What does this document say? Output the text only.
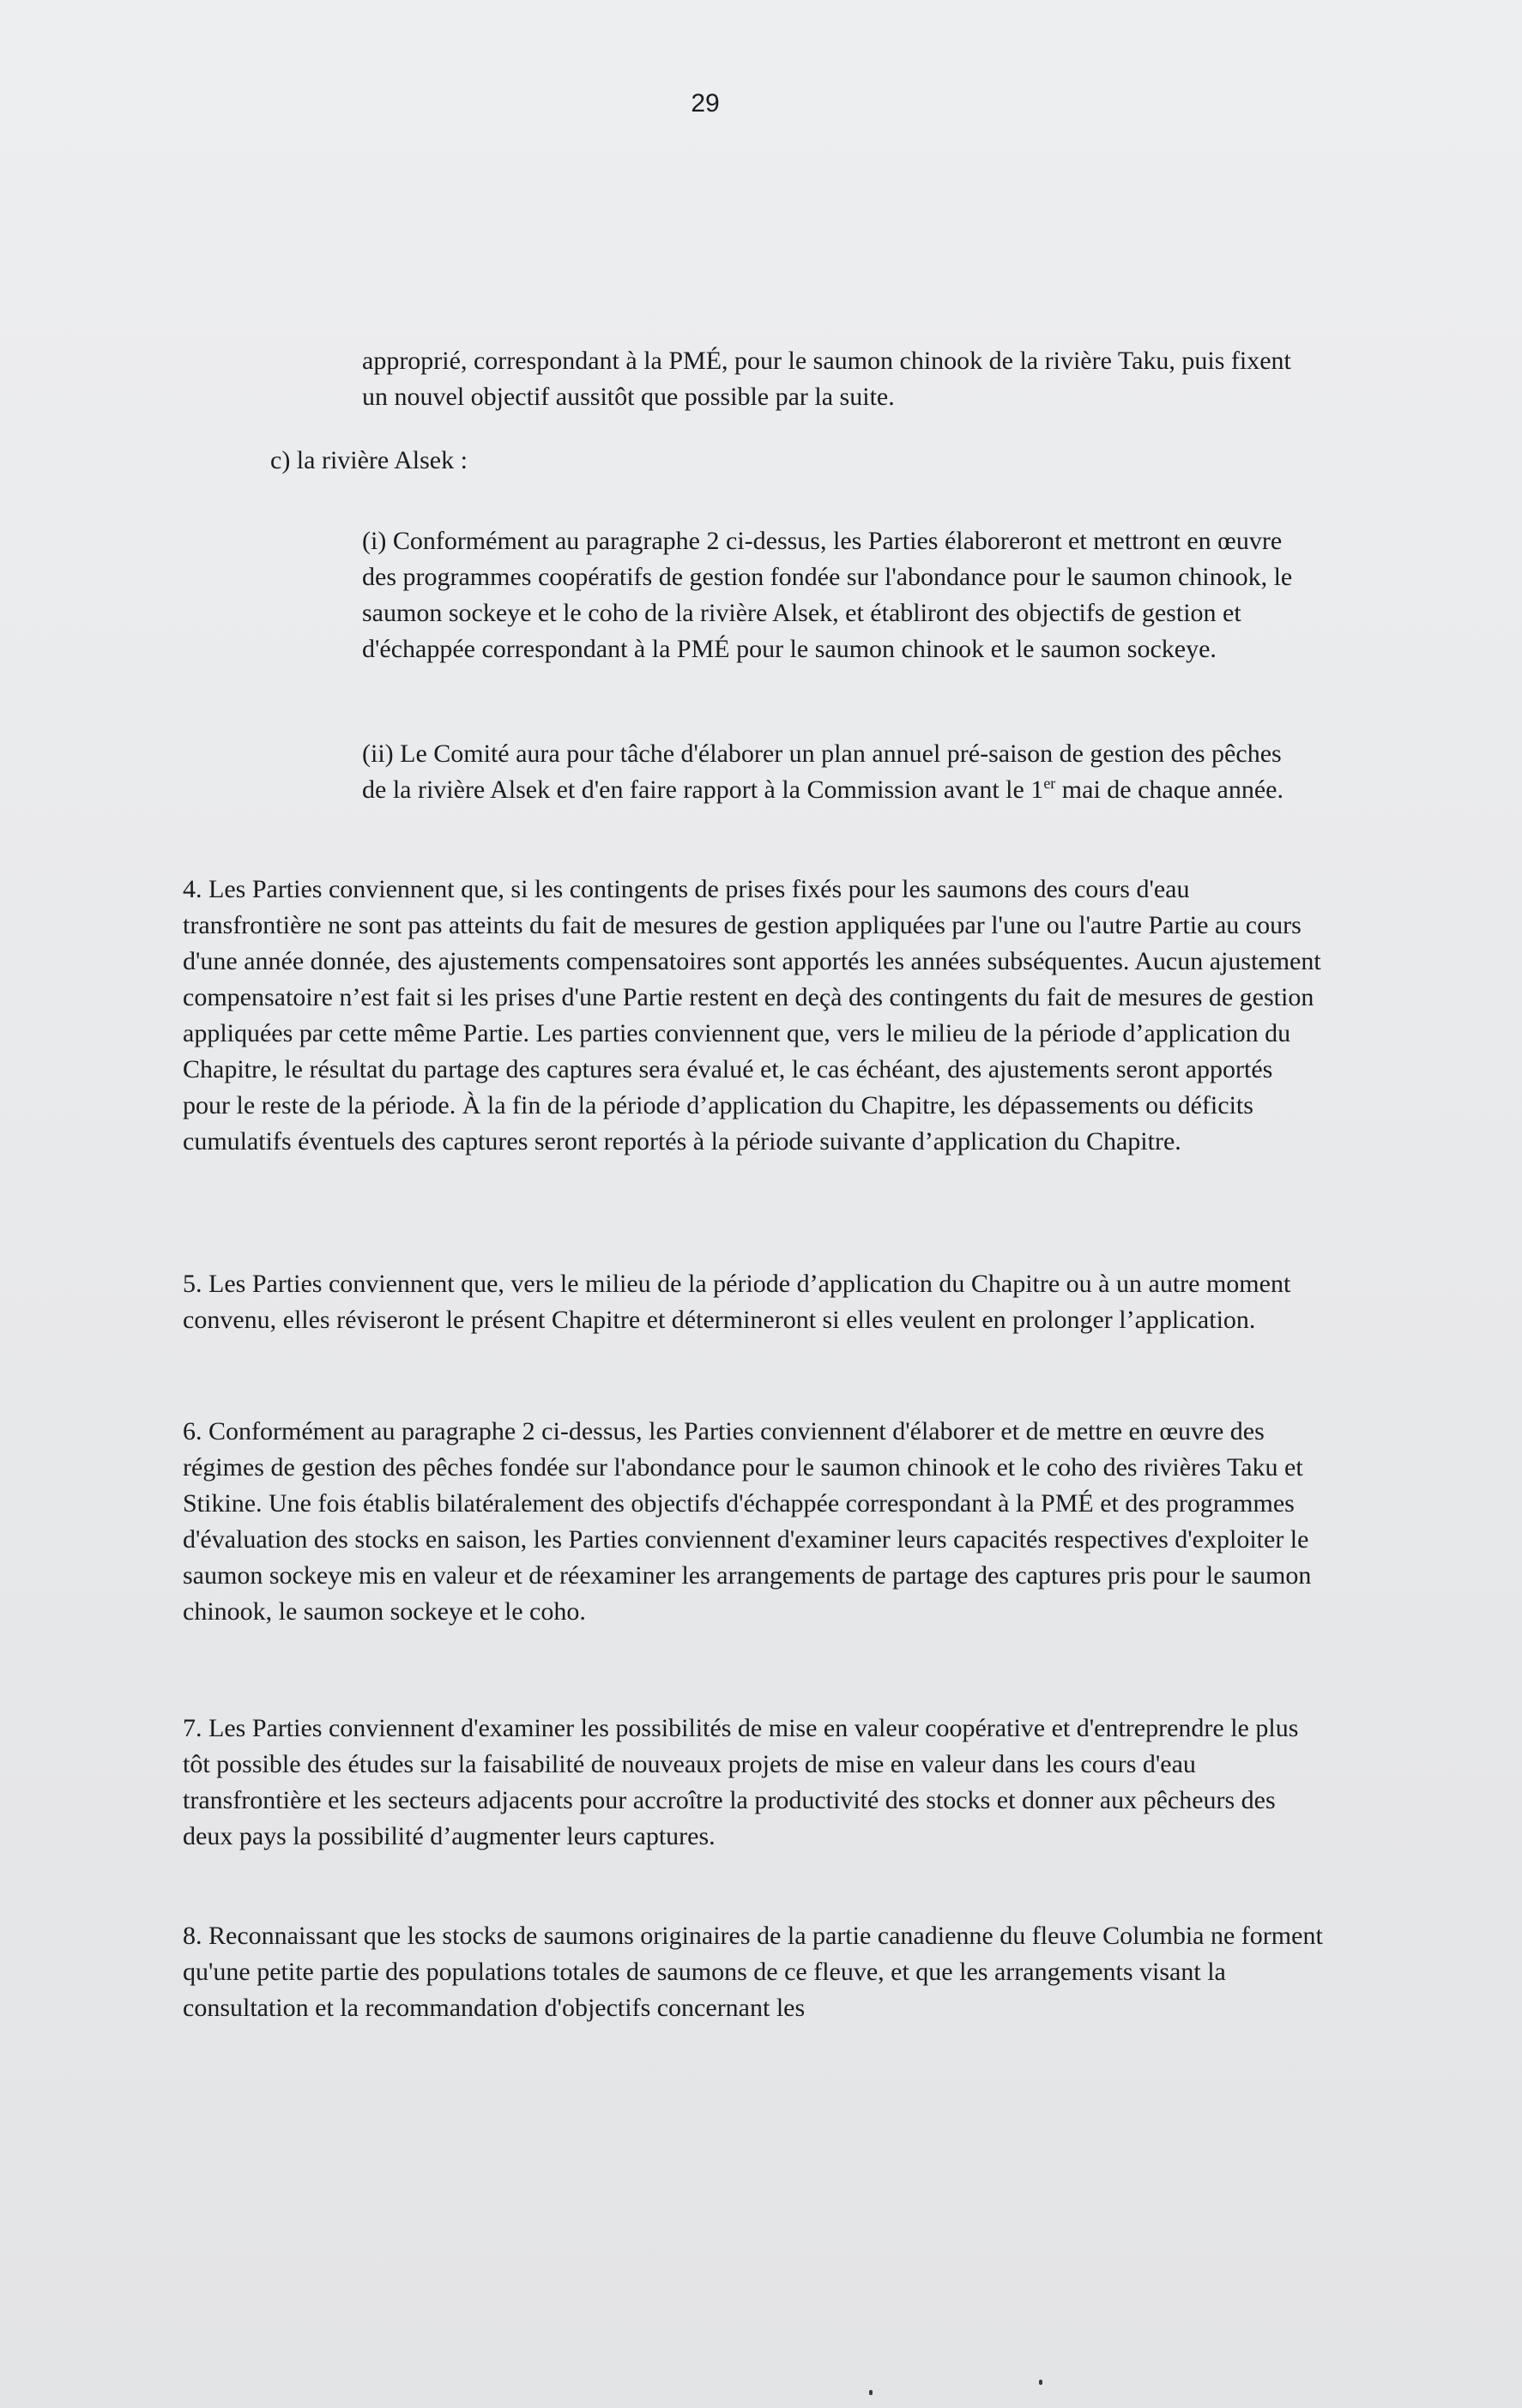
29

approprié, correspondant à la PMÉ, pour le saumon chinook de la rivière Taku, puis fixent un nouvel objectif aussitôt que possible par la suite.

c) la rivière Alsek :

(i) Conformément au paragraphe 2 ci-dessus, les Parties élaboreront et mettront en œuvre des programmes coopératifs de gestion fondée sur l'abondance pour le saumon chinook, le saumon sockeye et le coho de la rivière Alsek, et établiront des objectifs de gestion et d'échappée correspondant à la PMÉ pour le saumon chinook et le saumon sockeye.

(ii) Le Comité aura pour tâche d'élaborer un plan annuel pré-saison de gestion des pêches de la rivière Alsek et d'en faire rapport à la Commission avant le 1er mai de chaque année.

4. Les Parties conviennent que, si les contingents de prises fixés pour les saumons des cours d'eau transfrontière ne sont pas atteints du fait de mesures de gestion appliquées par l'une ou l'autre Partie au cours d'une année donnée, des ajustements compensatoires sont apportés les années subséquentes. Aucun ajustement compensatoire n’est fait si les prises d'une Partie restent en deçà des contingents du fait de mesures de gestion appliquées par cette même Partie. Les parties conviennent que, vers le milieu de la période d’application du Chapitre, le résultat du partage des captures sera évalué et, le cas échéant, des ajustements seront apportés pour le reste de la période. À la fin de la période d’application du Chapitre, les dépassements ou déficits cumulatifs éventuels des captures seront reportés à la période suivante d’application du Chapitre.

5. Les Parties conviennent que, vers le milieu de la période d’application du Chapitre ou à un autre moment convenu, elles réviseront le présent Chapitre et détermineront si elles veulent en prolonger l’application.

6. Conformément au paragraphe 2 ci-dessus, les Parties conviennent d'élaborer et de mettre en œuvre des régimes de gestion des pêches fondée sur l'abondance pour le saumon chinook et le coho des rivières Taku et Stikine. Une fois établis bilatéralement des objectifs d'échappée correspondant à la PMÉ et des programmes d'évaluation des stocks en saison, les Parties conviennent d'examiner leurs capacités respectives d'exploiter le saumon sockeye mis en valeur et de réexaminer les arrangements de partage des captures pris pour le saumon chinook, le saumon sockeye et le coho.

7. Les Parties conviennent d'examiner les possibilités de mise en valeur coopérative et d'entreprendre le plus tôt possible des études sur la faisabilité de nouveaux projets de mise en valeur dans les cours d'eau transfrontière et les secteurs adjacents pour accroître la productivité des stocks et donner aux pêcheurs des deux pays la possibilité d’augmenter leurs captures.

8. Reconnaissant que les stocks de saumons originaires de la partie canadienne du fleuve Columbia ne forment qu'une petite partie des populations totales de saumons de ce fleuve, et que les arrangements visant la consultation et la recommandation d'objectifs concernant les
